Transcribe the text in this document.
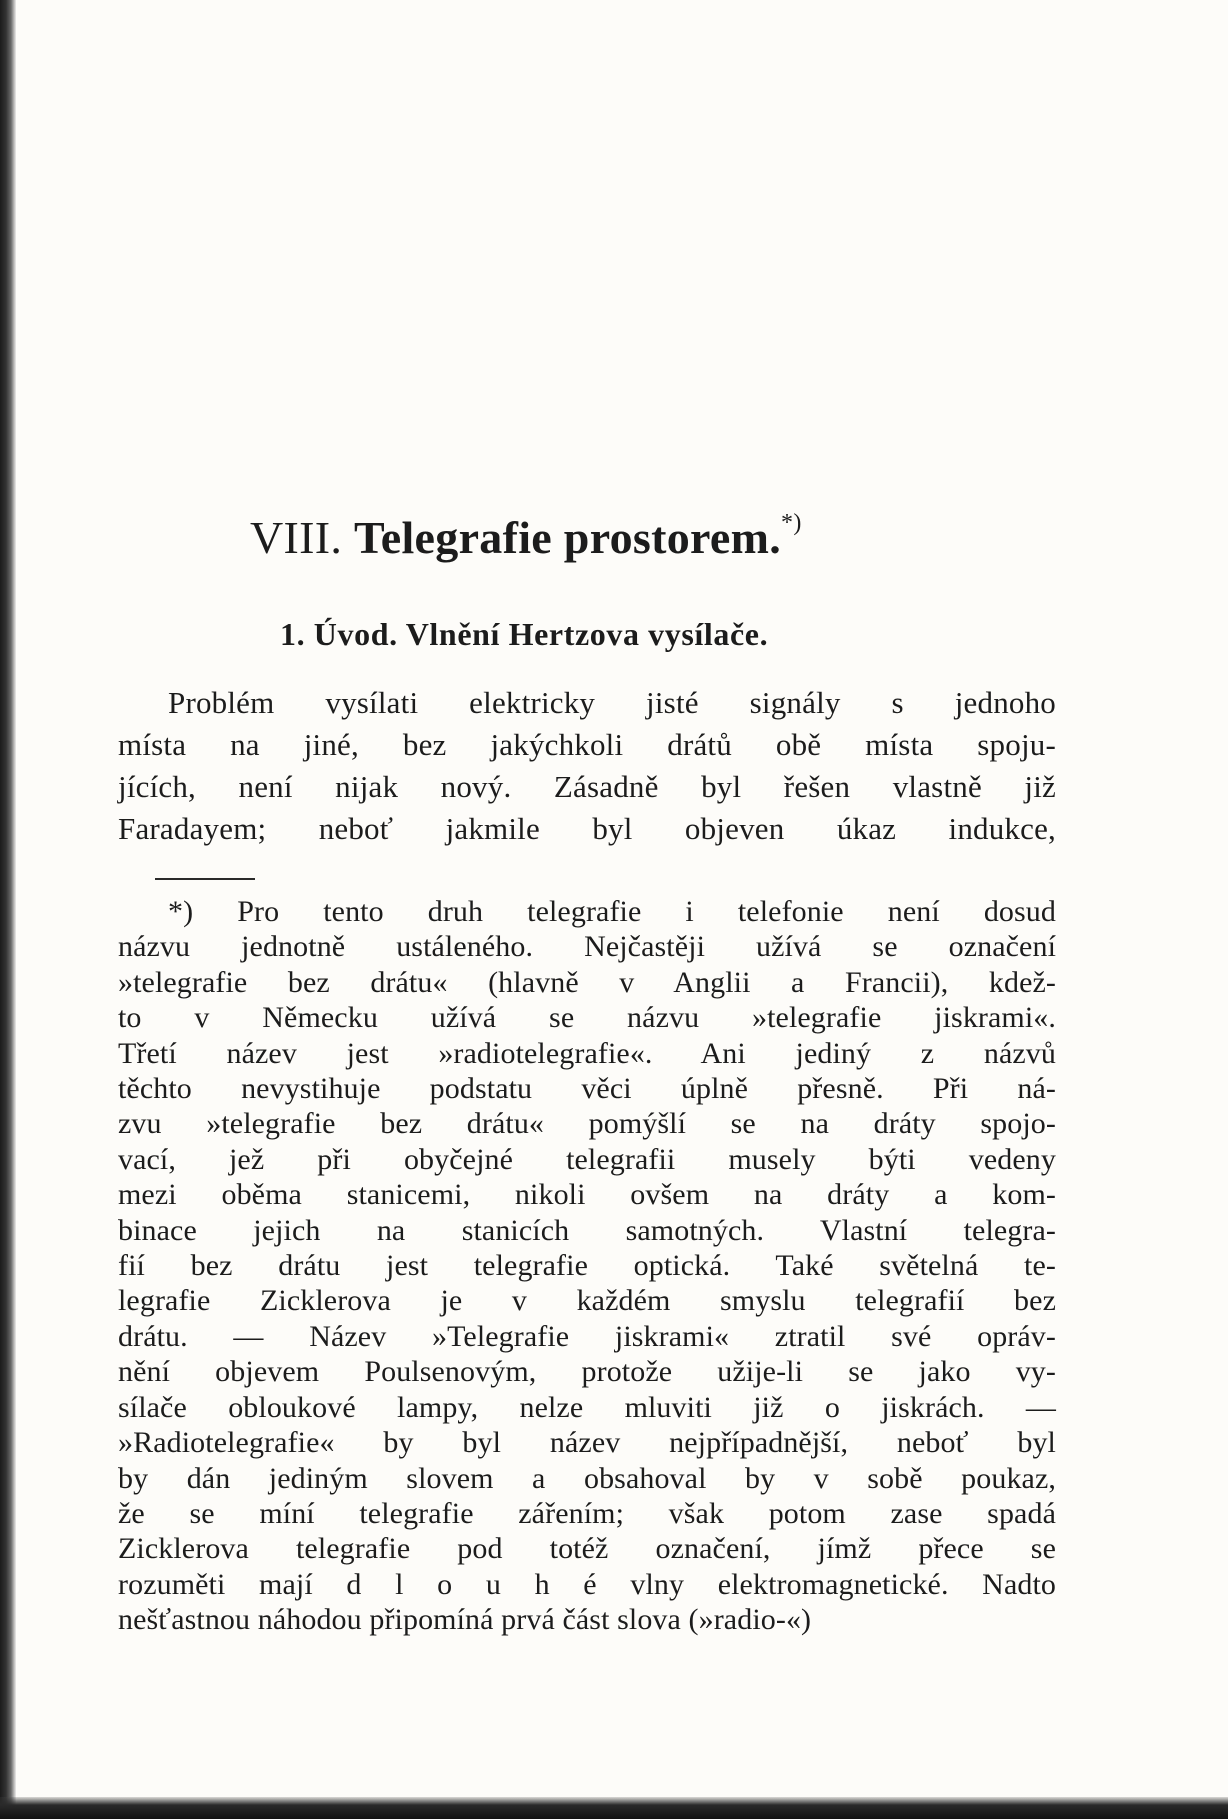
VIII. Telegrafie prostorem.*)
1. Úvod. Vlnění Hertzova vysílače.
Problém vysílati elektricky jisté signály s jednoho
místa na jiné, bez jakýchkoli drátů obě místa spoju-
jících, není nijak nový. Zásadně byl řešen vlastně již
Faradayem; neboť jakmile byl objeven úkaz indukce,
*) Pro tento druh telegrafie i telefonie není dosud
názvu jednotně ustáleného. Nejčastěji užívá se označení
»telegrafie bez drátu« (hlavně v Anglii a Francii), kdež-
to v Německu užívá se názvu »telegrafie jiskrami«.
Třetí název jest »radiotelegrafie«. Ani jediný z názvů
těchto nevystihuje podstatu věci úplně přesně. Při ná-
zvu »telegrafie bez drátu« pomýšlí se na dráty spojo-
vací, jež při obyčejné telegrafii musely býti vedeny
mezi oběma stanicemi, nikoli ovšem na dráty a kom-
binace jejich na stanicích samotných. Vlastní telegra-
fií bez drátu jest telegrafie optická. Také světelná te-
legrafie Zicklerova je v každém smyslu telegrafií bez
drátu. — Název »Telegrafie jiskrami« ztratil své opráv-
nění objevem Poulsenovým, protože užije-li se jako vy-
sílače obloukové lampy, nelze mluviti již o jiskrách. —
»Radiotelegrafie« by byl název nejpřípadnější, neboť byl
by dán jediným slovem a obsahoval by v sobě poukaz,
že se míní telegrafie zářením; však potom zase spadá
Zicklerova telegrafie pod totéž označení, jímž přece se
rozuměti mají d l o u h é vlny elektromagnetické. Nadto
nešťastnou náhodou připomíná prvá část slova (»radio-«)
